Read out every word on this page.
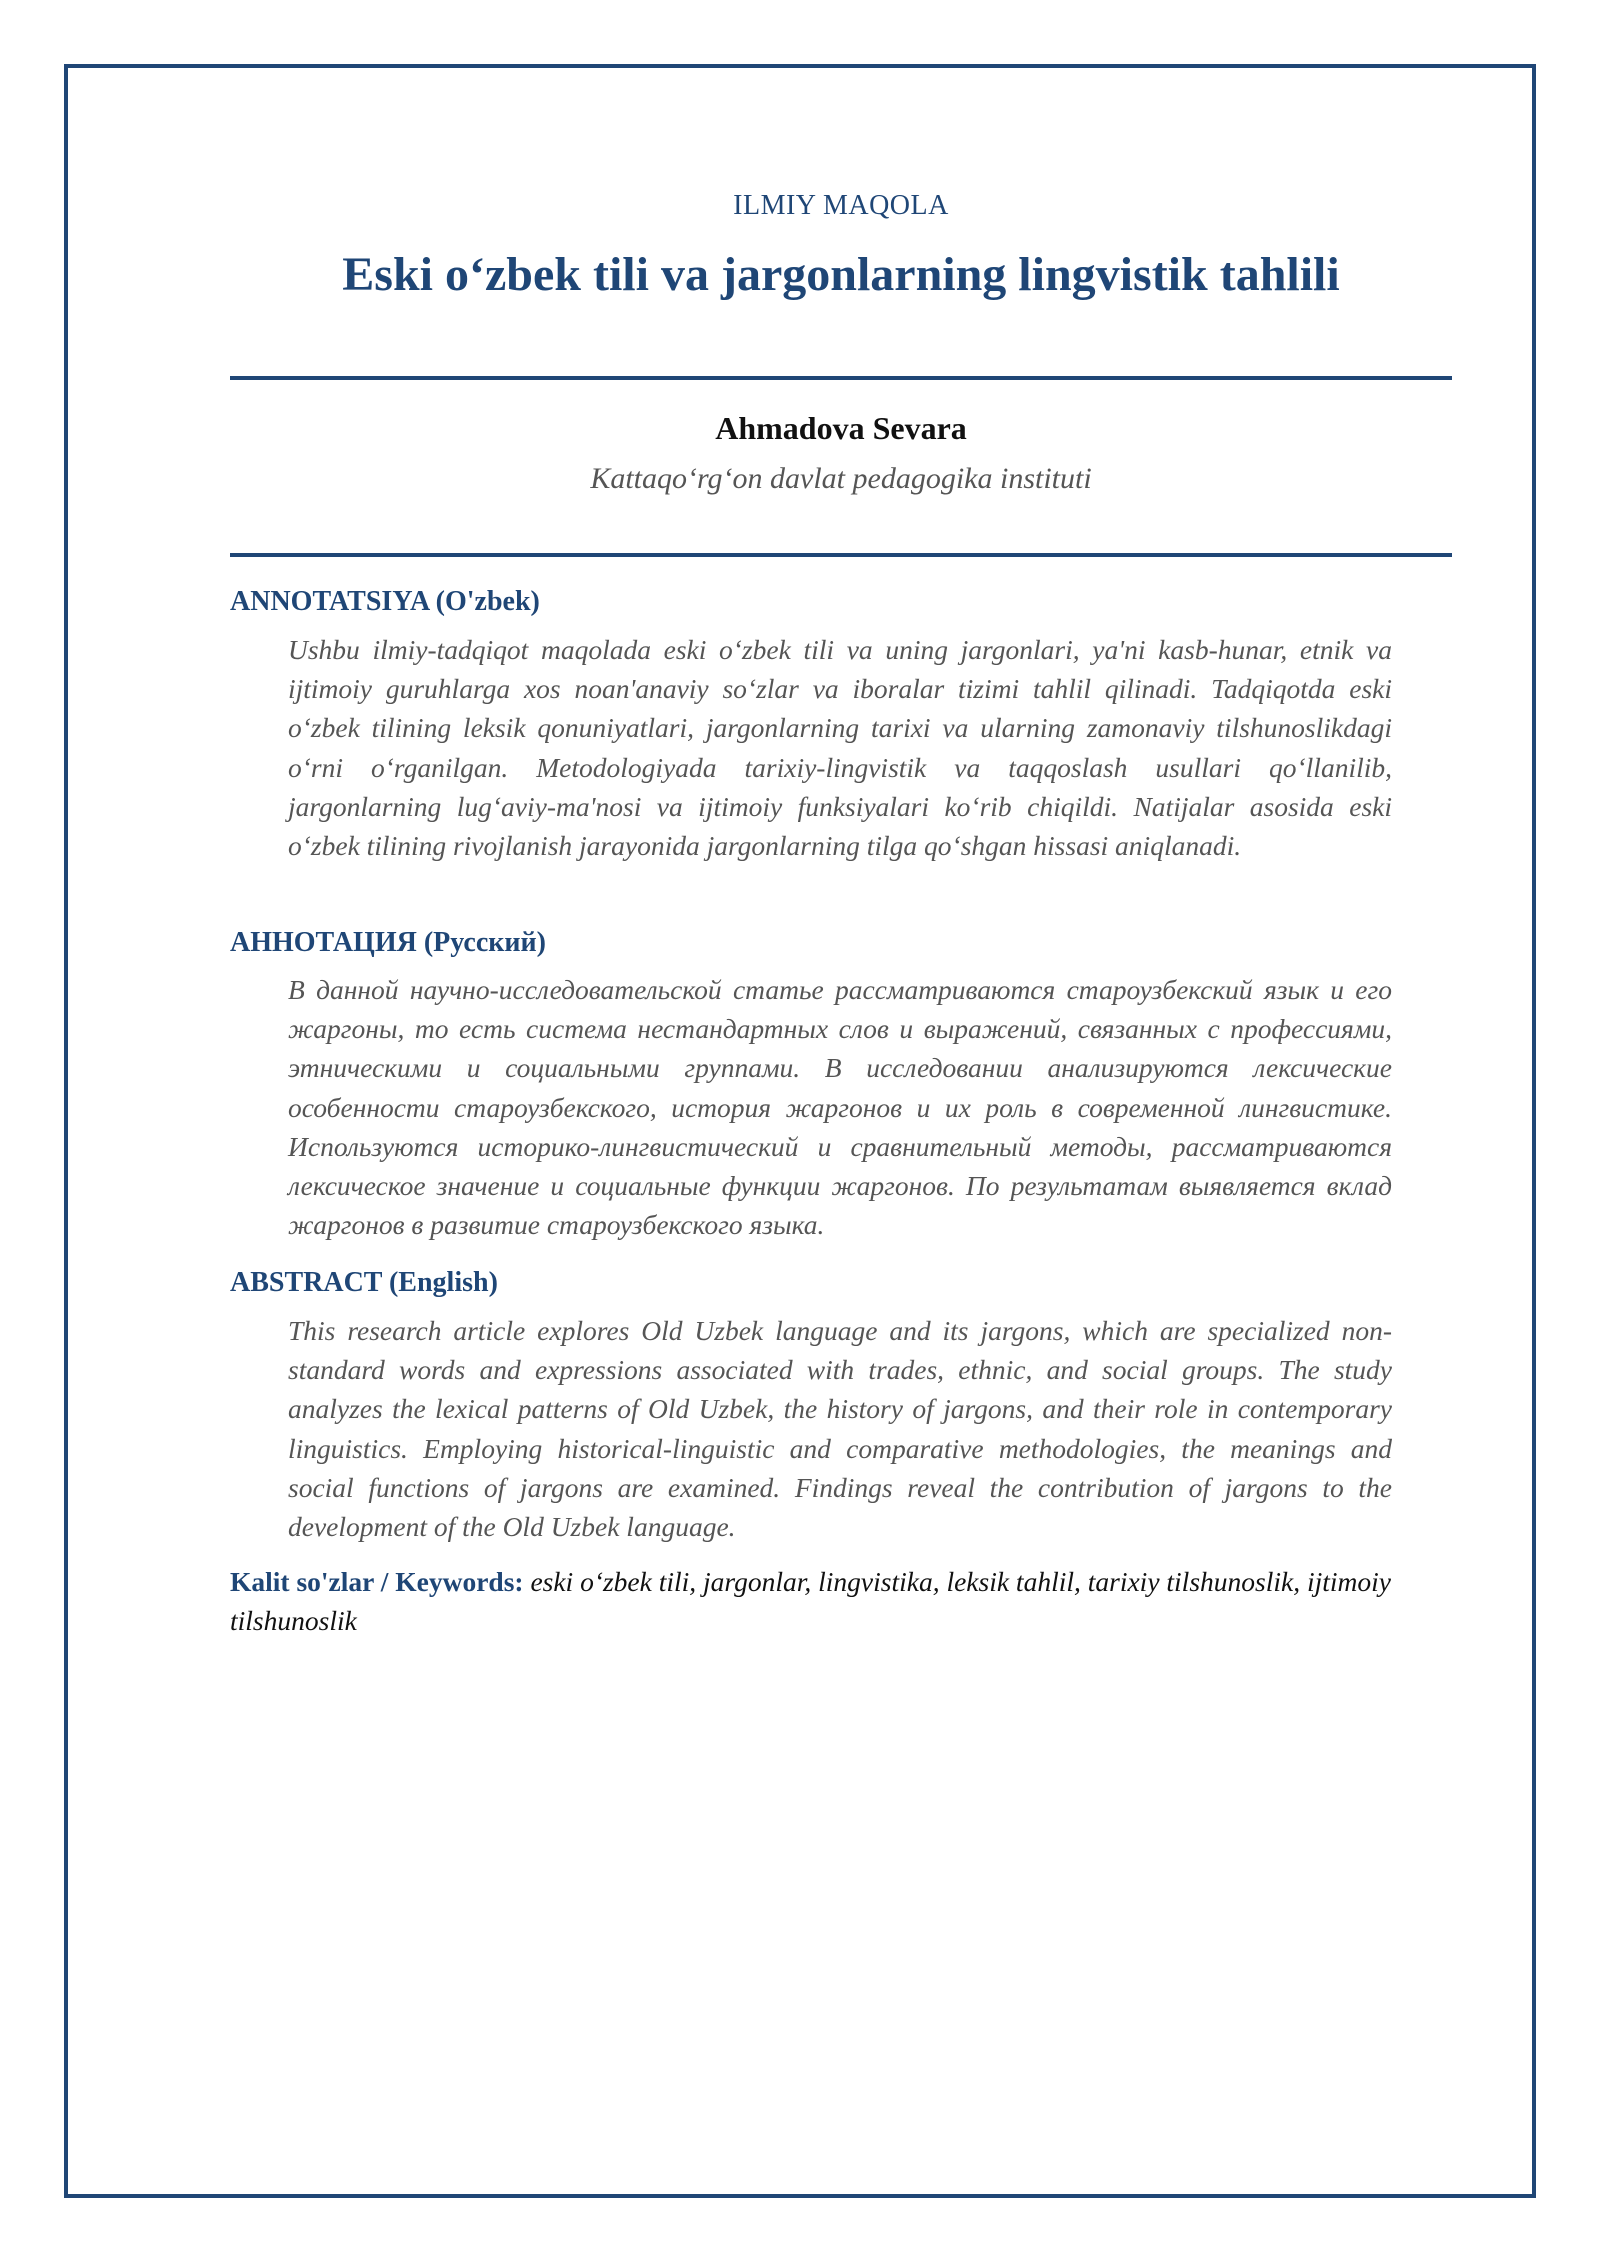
ILMIY MAQOLA
Eski o‘zbek tili va jargonlarning lingvistik tahlili
Ahmadova Sevara
Kattaqo‘rg‘on davlat pedagogika instituti
ANNOTATSIYA (O'zbek)
Ushbu ilmiy-tadqiqot maqolada eski o‘zbek tili va uning jargonlari, ya'ni kasb-hunar, etnik va ijtimoiy guruhlarga xos noan'anaviy so‘zlar va iboralar tizimi tahlil qilinadi. Tadqiqotda eski o‘zbek tilining leksik qonuniyatlari, jargonlarning tarixi va ularning zamonaviy tilshunoslikdagi o‘rni o‘rganilgan. Metodologiyada tarixiy-lingvistik va taqqoslash usullari qo‘llanilib, jargonlarning lug‘aviy-ma'nosi va ijtimoiy funksiyalari ko‘rib chiqildi. Natijalar asosida eski o‘zbek tilining rivojlanish jarayonida jargonlarning tilga qo‘shgan hissasi aniqlanadi.
АННОТАЦИЯ (Русский)
В данной научно-исследовательской статье рассматриваются староузбекский язык и его жаргоны, то есть система нестандартных слов и выражений, связанных с профессиями, этническими и социальными группами. В исследовании анализируются лексические особенности староузбекского, история жаргонов и их роль в современной лингвистике. Используются историко-лингвистический и сравнительный методы, рассматриваются лексическое значение и социальные функции жаргонов. По результатам выявляется вклад жаргонов в развитие староузбекского языка.
ABSTRACT (English)
This research article explores Old Uzbek language and its jargons, which are specialized non-standard words and expressions associated with trades, ethnic, and social groups. The study analyzes the lexical patterns of Old Uzbek, the history of jargons, and their role in contemporary linguistics. Employing historical-linguistic and comparative methodologies, the meanings and social functions of jargons are examined. Findings reveal the contribution of jargons to the development of the Old Uzbek language.
Kalit so'zlar / Keywords: eski o‘zbek tili, jargonlar, lingvistika, leksik tahlil, tarixiy tilshunoslik, ijtimoiy tilshunoslik
